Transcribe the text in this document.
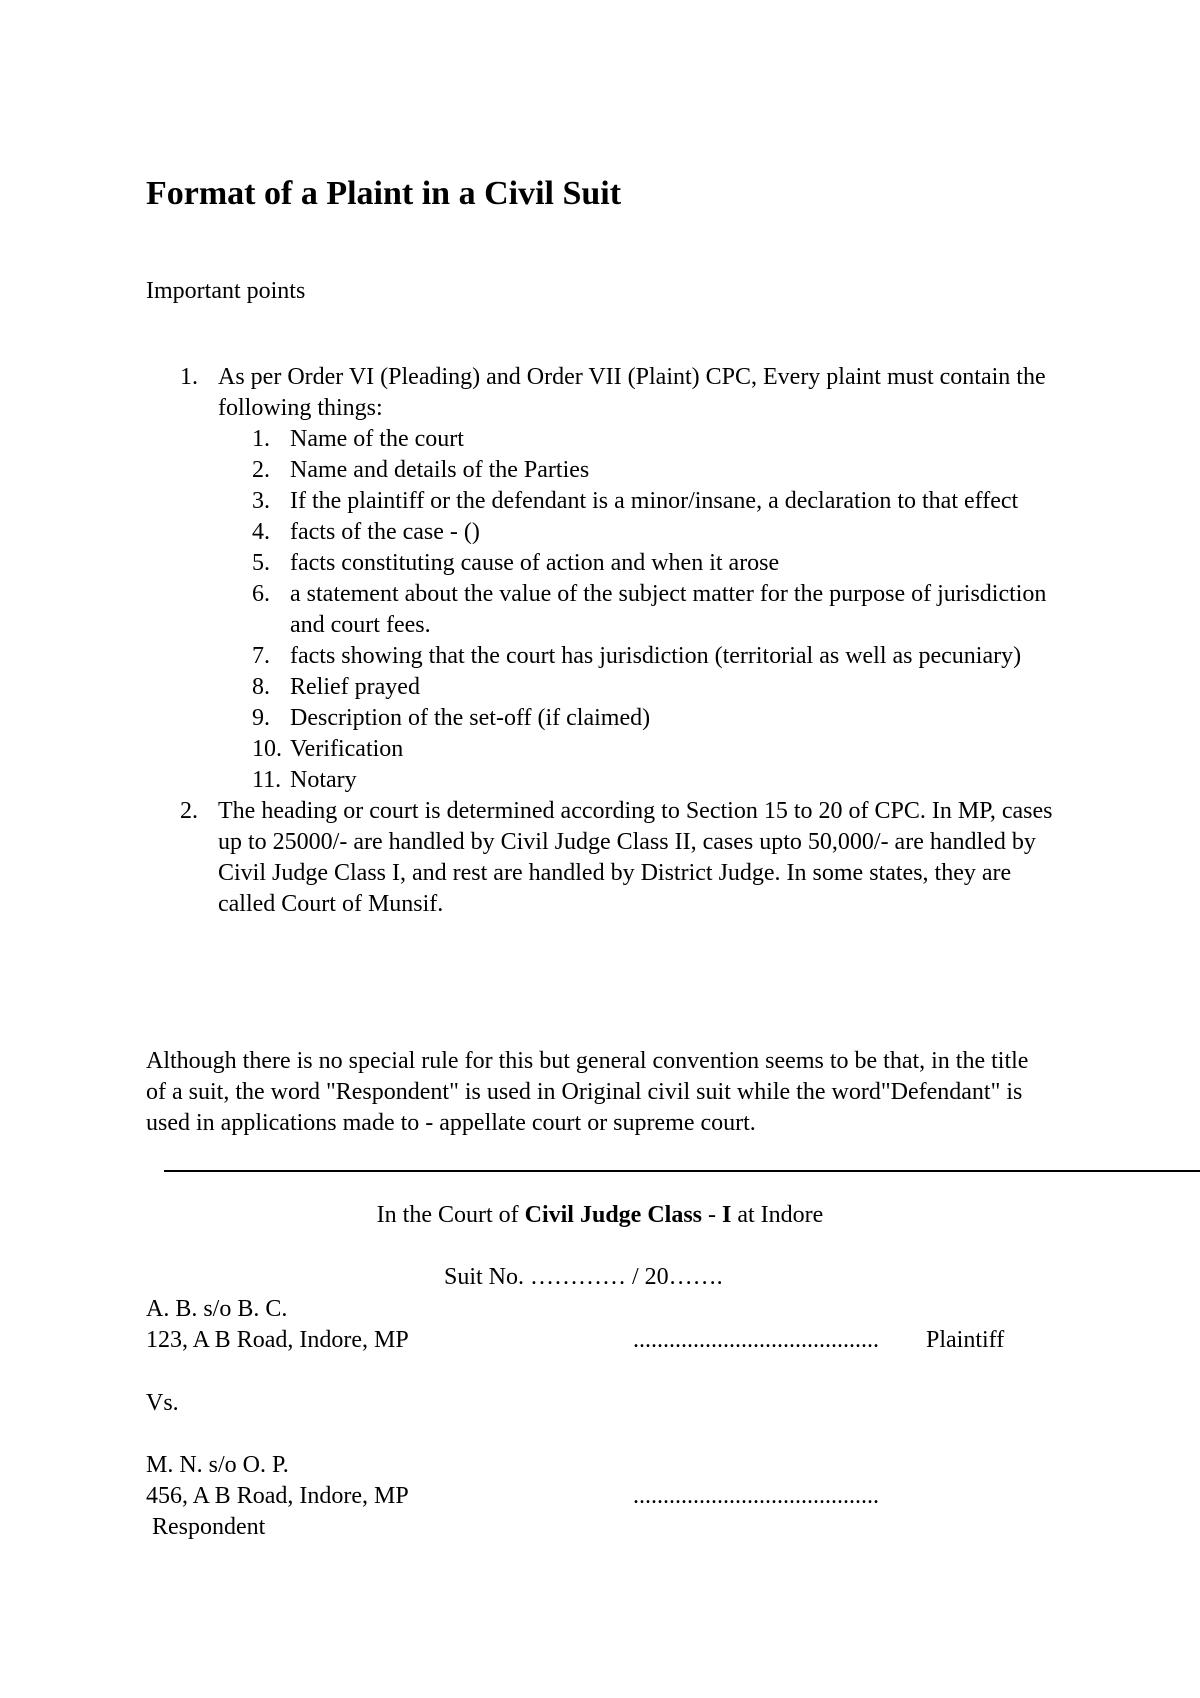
Format of a Plaint in a Civil Suit
Important points
1. As per Order VI (Pleading) and Order VII (Plaint) CPC, Every plaint must contain the following things:
1. Name of the court
2. Name and details of the Parties
3. If the plaintiff or the defendant is a minor/insane, a declaration to that effect
4. facts of the case - ()
5. facts constituting cause of action and when it arose
6. a statement about the value of the subject matter for the purpose of jurisdiction and court fees.
7. facts showing that the court has jurisdiction (territorial as well as pecuniary)
8. Relief prayed
9. Description of the set-off (if claimed)
10. Verification
11. Notary
2. The heading or court is determined according to Section 15 to 20 of CPC. In MP, cases up to 25000/- are handled by Civil Judge Class II, cases upto 50,000/- are handled by Civil Judge Class I, and rest are handled by District Judge. In some states, they are called Court of Munsif.
Although there is no special rule for this but general convention seems to be that, in the title of a suit, the word "Respondent" is used in Original civil suit while the word"Defendant" is used in applications made to - appellate court or supreme court.
In the Court of Civil Judge Class - I at Indore
Suit No. ………… / 20…….
A. B. s/o B. C.
123, A B Road, Indore, MP	......................................... Plaintiff
Vs.
M. N. s/o O. P.
456, A B Road, Indore, MP	.........................................
Respondent
